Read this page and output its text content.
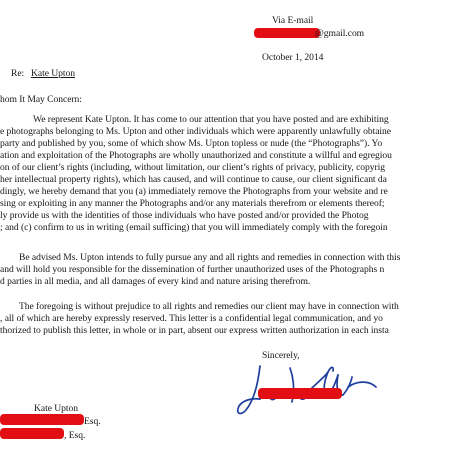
Via E-mail
@gmail.com
October 1, 2014
Re: Kate Upton
hom It May Concern:
We represent Kate Upton. It has come to our attention that you have posted and are exhibiting
e photographs belonging to Ms. Upton and other individuals which were apparently unlawfully obtaine
party and published by you, some of which show Ms. Upton topless or nude (the “Photographs”). Yo
ation and exploitation of the Photographs are wholly unauthorized and constitute a willful and egregiou
on of our client’s rights (including, without limitation, our client’s rights of privacy, publicity, copyrig
her intellectual property rights), which has caused, and will continue to cause, our client significant da
dingly, we hereby demand that you (a) immediately remove the Photographs from your website and re
sing or exploiting in any manner the Photographs and/or any materials therefrom or elements thereof;
ly provide us with the identities of those individuals who have posted and/or provided the Photog
; and (c) confirm to us in writing (email sufficing) that you will immediately comply with the foregoin
Be advised Ms. Upton intends to fully pursue any and all rights and remedies in connection with this
and will hold you responsible for the dissemination of further unauthorized uses of the Photographs n
d parties in all media, and all damages of every kind and nature arising therefrom.
The foregoing is without prejudice to all rights and remedies our client may have in connection with
, all of which are hereby expressly reserved. This letter is a confidential legal communication, and yo
thorized to publish this letter, in whole or in part, absent our express written authorization in each insta
Sincerely,
Kate Upton
Esq.
, Esq.
